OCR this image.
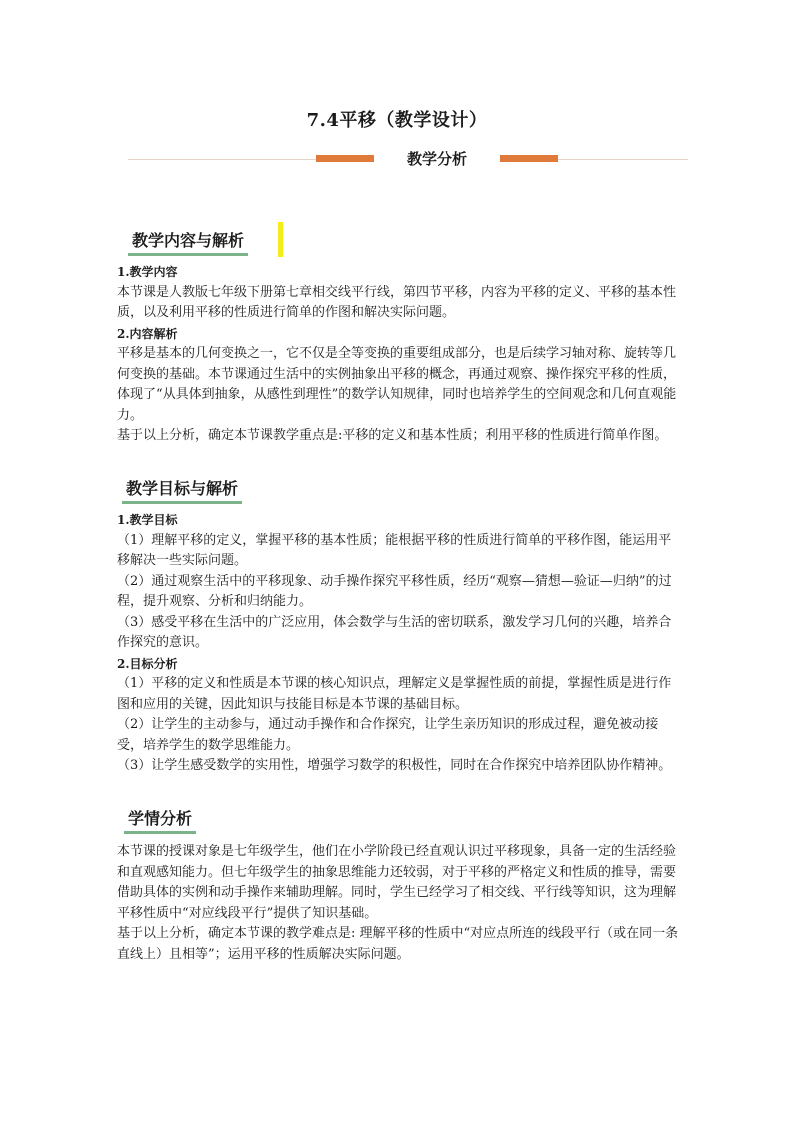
7.4平移（教学设计）
教学分析
教学内容与解析

1.教学内容

本节课是人教版七年级下册第七章相交线平行线，第四节平移，内容为平移的定义、平移的基本性质，以及利用平移的性质进行简单的作图和解决实际问题。

2.内容解析

平移是基本的几何变换之一，它不仅是全等变换的重要组成部分，也是后续学习轴对称、旋转等几何变换的基础。本节课通过生活中的实例抽象出平移的概念，再通过观察、操作探究平移的性质，体现了“从具体到抽象，从感性到理性”的数学认知规律，同时也培养学生的空间观念和几何直观能力。

基于以上分析，确定本节课教学重点是:平移的定义和基本性质；利用平移的性质进行简单作图。

教学目标与解析

1.教学目标

（1）理解平移的定义，掌握平移的基本性质；能根据平移的性质进行简单的平移作图，能运用平移解决一些实际问题。

（2）通过观察生活中的平移现象、动手操作探究平移性质，经历“观察—猜想—验证—归纳”的过程，提升观察、分析和归纳能力。

（3）感受平移在生活中的广泛应用，体会数学与生活的密切联系，激发学习几何的兴趣，培养合作探究的意识。

2.目标分析

（1）平移的定义和性质是本节课的核心知识点，理解定义是掌握性质的前提，掌握性质是进行作图和应用的关键，因此知识与技能目标是本节课的基础目标。

（2）让学生的主动参与，通过动手操作和合作探究，让学生亲历知识的形成过程，避免被动接受，培养学生的数学思维能力。

（3）让学生感受数学的实用性，增强学习数学的积极性，同时在合作探究中培养团队协作精神。

学情分析

本节课的授课对象是七年级学生，他们在小学阶段已经直观认识过平移现象，具备一定的生活经验和直观感知能力。但七年级学生的抽象思维能力还较弱，对于平移的严格定义和性质的推导，需要借助具体的实例和动手操作来辅助理解。同时，学生已经学习了相交线、平行线等知识，这为理解平移性质中“对应线段平行”提供了知识基础。

基于以上分析，确定本节课的教学难点是: 理解平移的性质中“对应点所连的线段平行（或在同一条直线上）且相等”；运用平移的性质解决实际问题。
